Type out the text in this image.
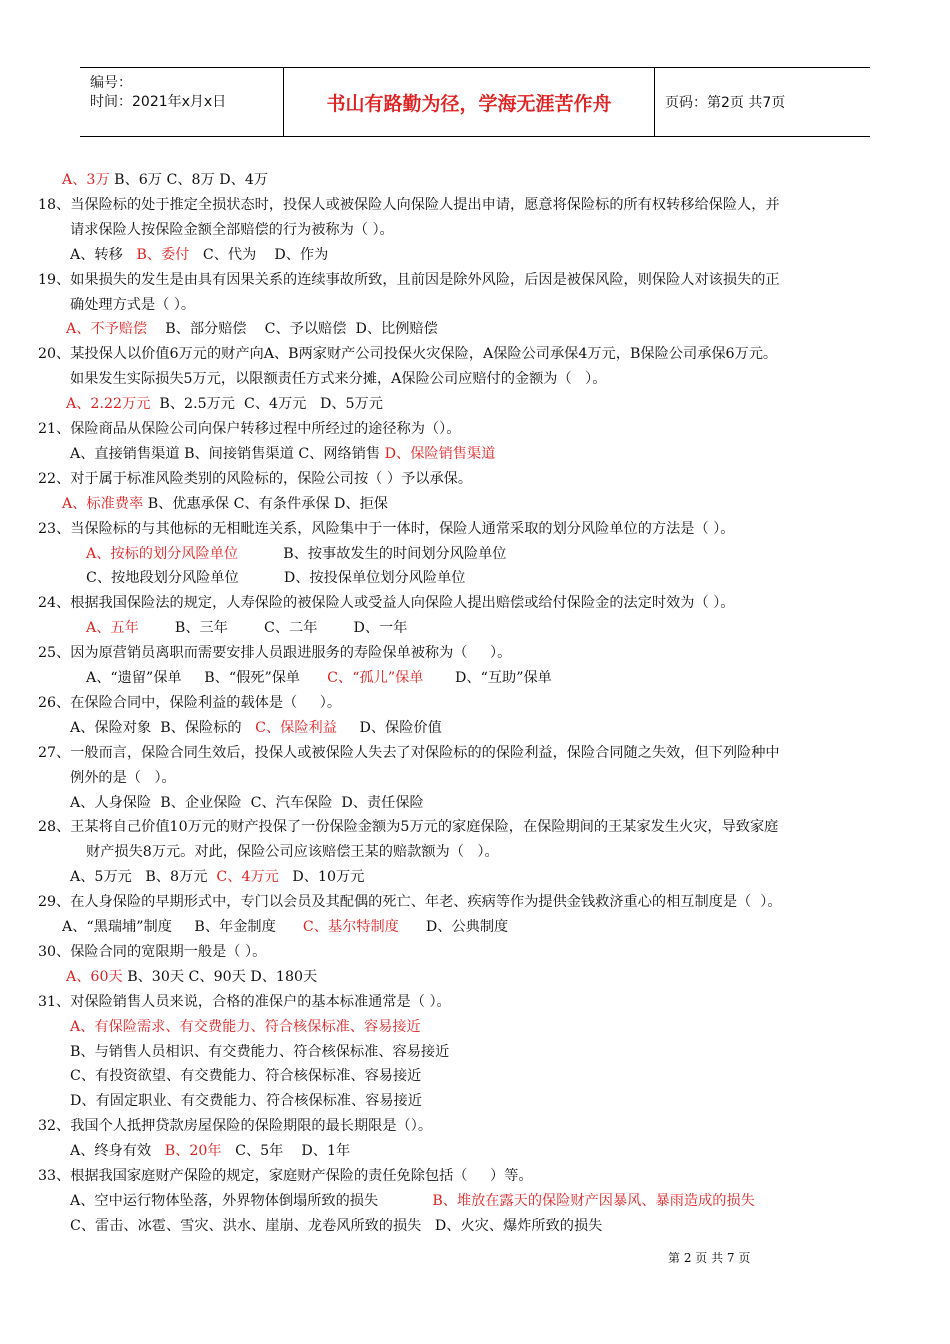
编号：
时间：2021年x月x日	书山有路勤为径，学海无涯苦作舟	页码：第2页 共7页
A、3万 B、6万 C、8万 D、4万
18、当保险标的处于推定全损状态时，投保人或被保险人向保险人提出申请，愿意将保险标的所有权转移给保险人，并
请求保险人按保险金额全部赔偿的行为被称为（ ）。
A、转移   B、委付   C、代为    D、作为
19、如果损失的发生是由具有因果关系的连续事故所致，且前因是除外风险，后因是被保风险，则保险人对该损失的正
确处理方式是（ ）。
A、不予赔偿    B、部分赔偿    C、予以赔偿  D、比例赔偿
20、某投保人以价值6万元的财产向A、B两家财产公司投保火灾保险，A保险公司承保4万元，B保险公司承保6万元。
如果发生实际损失5万元，以限额责任方式来分摊，A保险公司应赔付的金额为（   ）。
A、2.22万元  B、2.5万元  C、4万元   D、5万元
21、保险商品从保险公司向保户转移过程中所经过的途径称为（）。
A、直接销售渠道 B、间接销售渠道 C、网络销售 D、保险销售渠道
22、对于属于标准风险类别的风险标的，保险公司按（ ）予以承保。
A、标准费率 B、优惠承保 C、有条件承保 D、拒保
23、当保险标的与其他标的无相毗连关系，风险集中于一体时，保险人通常采取的划分风险单位的方法是（ ）。
A、按标的划分风险单位          B、按事故发生的时间划分风险单位
C、按地段划分风险单位          D、按投保单位划分风险单位
24、根据我国保险法的规定，人寿保险的被保险人或受益人向保险人提出赔偿或给付保险金的法定时效为（ ）。
A、五年        B、三年        C、二年        D、一年
25、因为原营销员离职而需要安排人员跟进服务的寿险保单被称为（     ）。
A、“遗留”保单     B、“假死”保单      C、“孤儿”保单       D、“互助”保单
26、在保险合同中，保险利益的载体是（     ）。
A、保险对象  B、保险标的   C、保险利益     D、保险价值
27、一般而言，保险合同生效后，投保人或被保险人失去了对保险标的的保险利益，保险合同随之失效，但下列险种中
例外的是（   ）。
A、人身保险  B、企业保险  C、汽车保险  D、责任保险
28、王某将自己价值10万元的财产投保了一份保险金额为5万元的家庭保险，在保险期间的王某家发生火灾，导致家庭
财产损失8万元。对此，保险公司应该赔偿王某的赔款额为（   ）。
A、5万元   B、8万元  C、4万元   D、10万元
29、在人身保险的早期形式中，专门以会员及其配偶的死亡、年老、疾病等作为提供金钱救济重心的相互制度是（  ）。
A、“黑瑞埔”制度     B、年金制度      C、基尔特制度      D、公典制度
30、保险合同的宽限期一般是（ ）。
A、60天 B、30天 C、90天 D、180天
31、对保险销售人员来说，合格的准保户的基本标准通常是（ ）。
A、有保险需求、有交费能力、符合核保标准、容易接近
B、与销售人员相识、有交费能力、符合核保标准、容易接近
C、有投资欲望、有交费能力、符合核保标准、容易接近
D、有固定职业、有交费能力、符合核保标准、容易接近
32、我国个人抵押贷款房屋保险的保险期限的最长期限是（）。
A、终身有效   B、20年   C、5年    D、1年
33、根据我国家庭财产保险的规定，家庭财产保险的责任免除包括（     ）等。
A、空中运行物体坠落，外界物体倒塌所致的损失            B、堆放在露天的保险财产因暴风、暴雨造成的损失
C、雷击、冰雹、雪灾、洪水、崖崩、龙卷风所致的损失   D、火灾、爆炸所致的损失
第 2 页 共 7 页
